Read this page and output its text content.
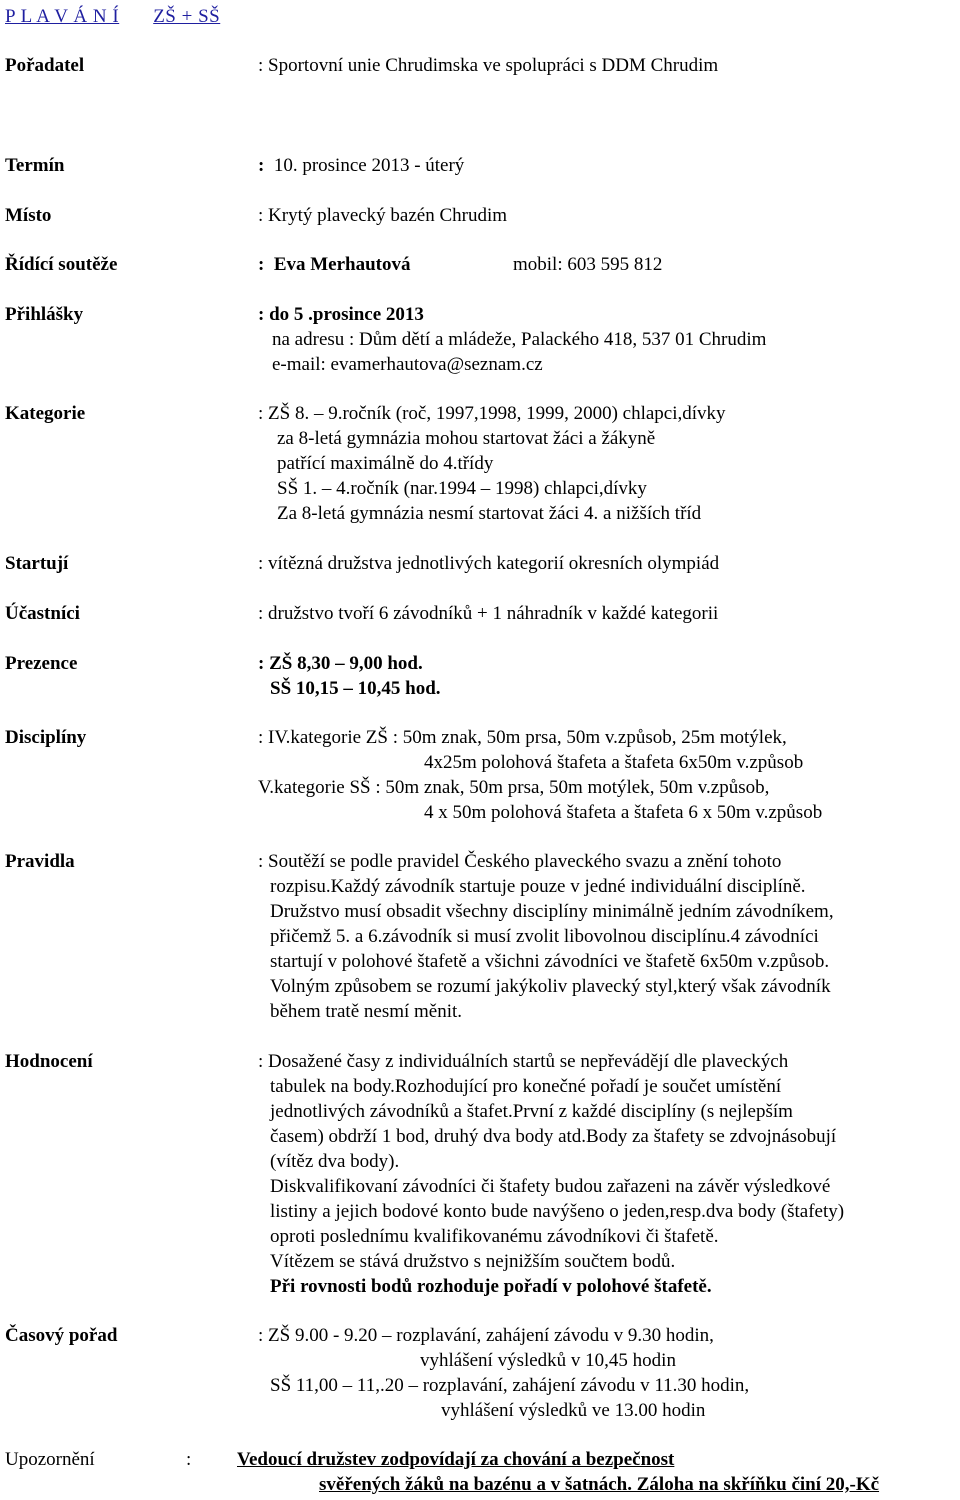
P L A V Á N Í ZŠ + SŠ
Pořadatel	: Sportovní unie Chrudimska ve spolupráci s DDM Chrudim
Termín	: 10. prosince 2013 - úterý
Místo	: Krytý plavecký bazén Chrudim
Řídící soutěže	: Eva Merhautová	mobil: 603 595 812
Přihlášky	: do 5 .prosince 2013
na adresu : Dům dětí a mládeže, Palackého 418, 537 01 Chrudim
e-mail: evamerhautova@seznam.cz
Kategorie	: ZŠ 8. – 9.ročník (roč, 1997,1998, 1999, 2000) chlapci,dívky
za 8-letá gymnázia mohou startovat žáci a žákyně
patřící maximálně do 4.třídy
SŠ 1. – 4.ročník (nar.1994 – 1998) chlapci,dívky
Za 8-letá gymnázia nesmí startovat žáci 4. a nižších tříd
Startují	: vítězná družstva jednotlivých kategorií okresních olympiád
Účastníci	: družstvo tvoří 6 závodníků + 1 náhradník v každé kategorii
Prezence	: ZŠ 8,30 – 9,00 hod.
SŠ 10,15 – 10,45 hod.
Disciplíny	: IV.kategorie ZŠ : 50m znak, 50m prsa, 50m v.způsob, 25m motýlek,
4x25m polohová štafeta a štafeta 6x50m v.způsob
V.kategorie SŠ : 50m znak, 50m prsa, 50m motýlek, 50m v.způsob,
4 x 50m polohová štafeta a štafeta 6 x 50m v.způsob
Pravidla	: Soutěží se podle pravidel Českého plaveckého svazu a znění tohoto
rozpisu.Každý závodník startuje pouze v jedné individuální disciplíně.
Družstvo musí obsadit všechny disciplíny minimálně jedním závodníkem,
přičemž 5. a 6.závodník si musí zvolit libovolnou disciplínu.4 závodníci
startují v polohové štafetě a všichni závodníci ve štafetě 6x50m v.způsob.
Volným způsobem se rozumí jakýkoliv plavecký styl,který však závodník
během tratě nesmí měnit.
Hodnocení	: Dosažené časy z individuálních startů se nepřevádějí dle plaveckých
tabulek na body.Rozhodující pro konečné pořadí je součet umístění
jednotlivých závodníků a štafet.První z každé disciplíny (s nejlepším
časem) obdrží 1 bod, druhý dva body atd.Body za štafety se zdvojnásobují
(vítěz dva body).
Diskvalifikovaní závodníci či štafety budou zařazeni na závěr výsledkové
listiny a jejich bodové konto bude navýšeno o jeden,resp.dva body (štafety)
oproti poslednímu kvalifikovanému závodníkovi či štafetě.
Vítězem se stává družstvo s nejnižším součtem bodů.
Při rovnosti bodů rozhoduje pořadí v polohové štafetě.
Časový pořad	: ZŠ 9.00 - 9.20 – rozplavání, zahájení závodu v 9.30 hodin,
vyhlášení výsledků v 10,45 hodin
SŠ 11,00 – 11,.20 – rozplavání, zahájení závodu v 11.30 hodin,
vyhlášení výsledků ve 13.00 hodin
Upozornění	: Vedoucí družstev zodpovídají za chování a bezpečnost
svěřených žáků na bazénu a v šatnách. Záloha na skříňku činí 20,-Kč
